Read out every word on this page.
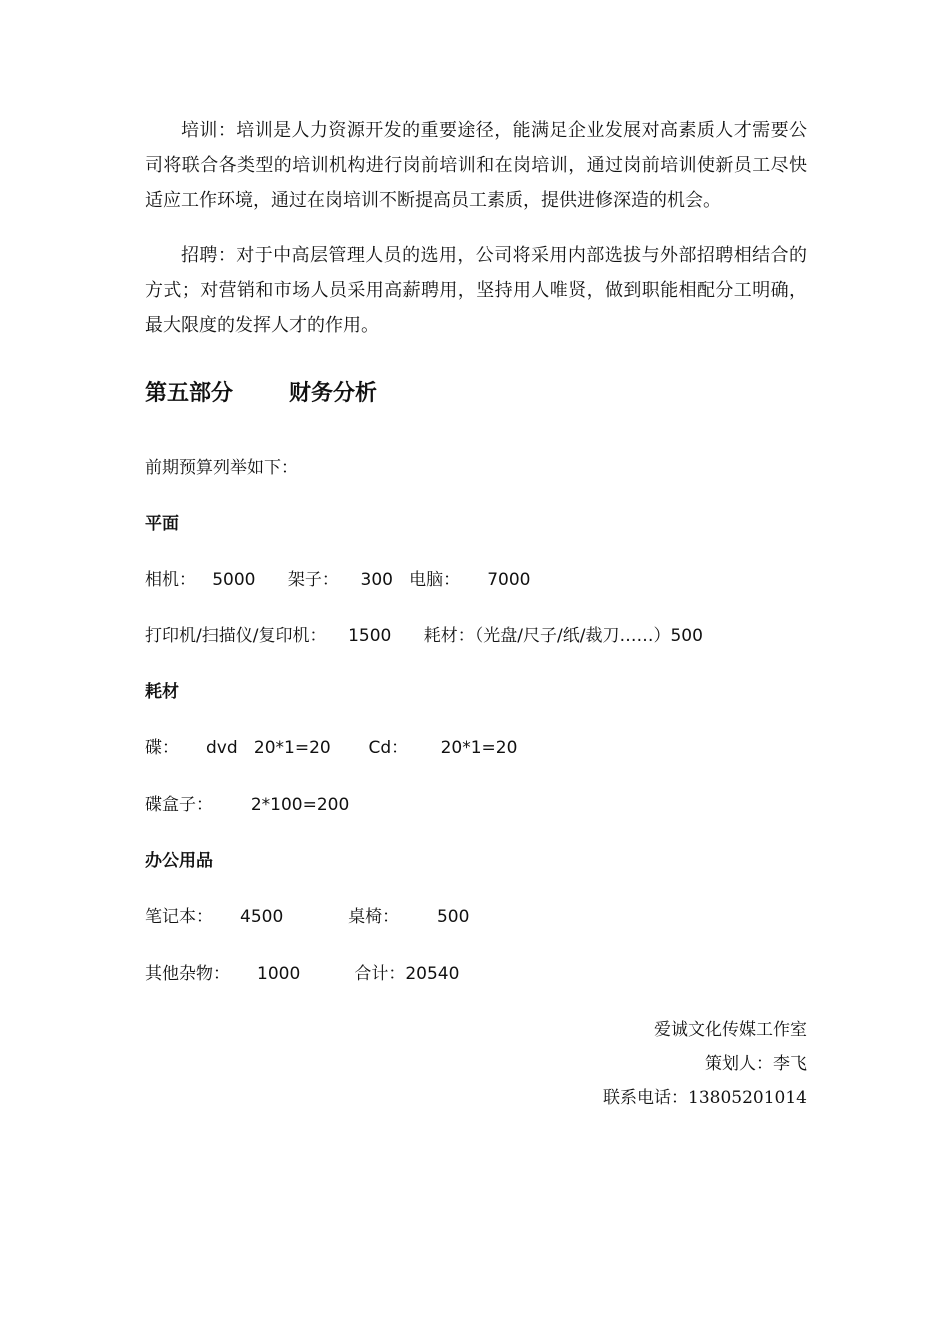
培训：培训是人力资源开发的重要途径，能满足企业发展对高素质人才需要公司将联合各类型的培训机构进行岗前培训和在岗培训，通过岗前培训使新员工尽快适应工作环境，通过在岗培训不断提高员工素质，提供进修深造的机会。

招聘：对于中高层管理人员的选用，公司将采用内部选拔与外部招聘相结合的方式；对营销和市场人员采用高薪聘用，坚持用人唯贤，做到职能相配分工明确，最大限度的发挥人才的作用。

第五部分	财务分析
前期预算列举如下：
平面
相机：   5000      架子：    300   电脑：     7000
打印机/扫描仪/复印机：    1500      耗材：（光盘/尺子/纸/裁刀……）500
耗材
碟：     dvd   20*1=20       Cd：      20*1=20
碟盒子：       2*100=200
办公用品
笔记本：     4500            桌椅：       500
其他杂物：     1000          合计：20540
爱诚文化传媒工作室
策划人：李飞
联系电话：13805201014
